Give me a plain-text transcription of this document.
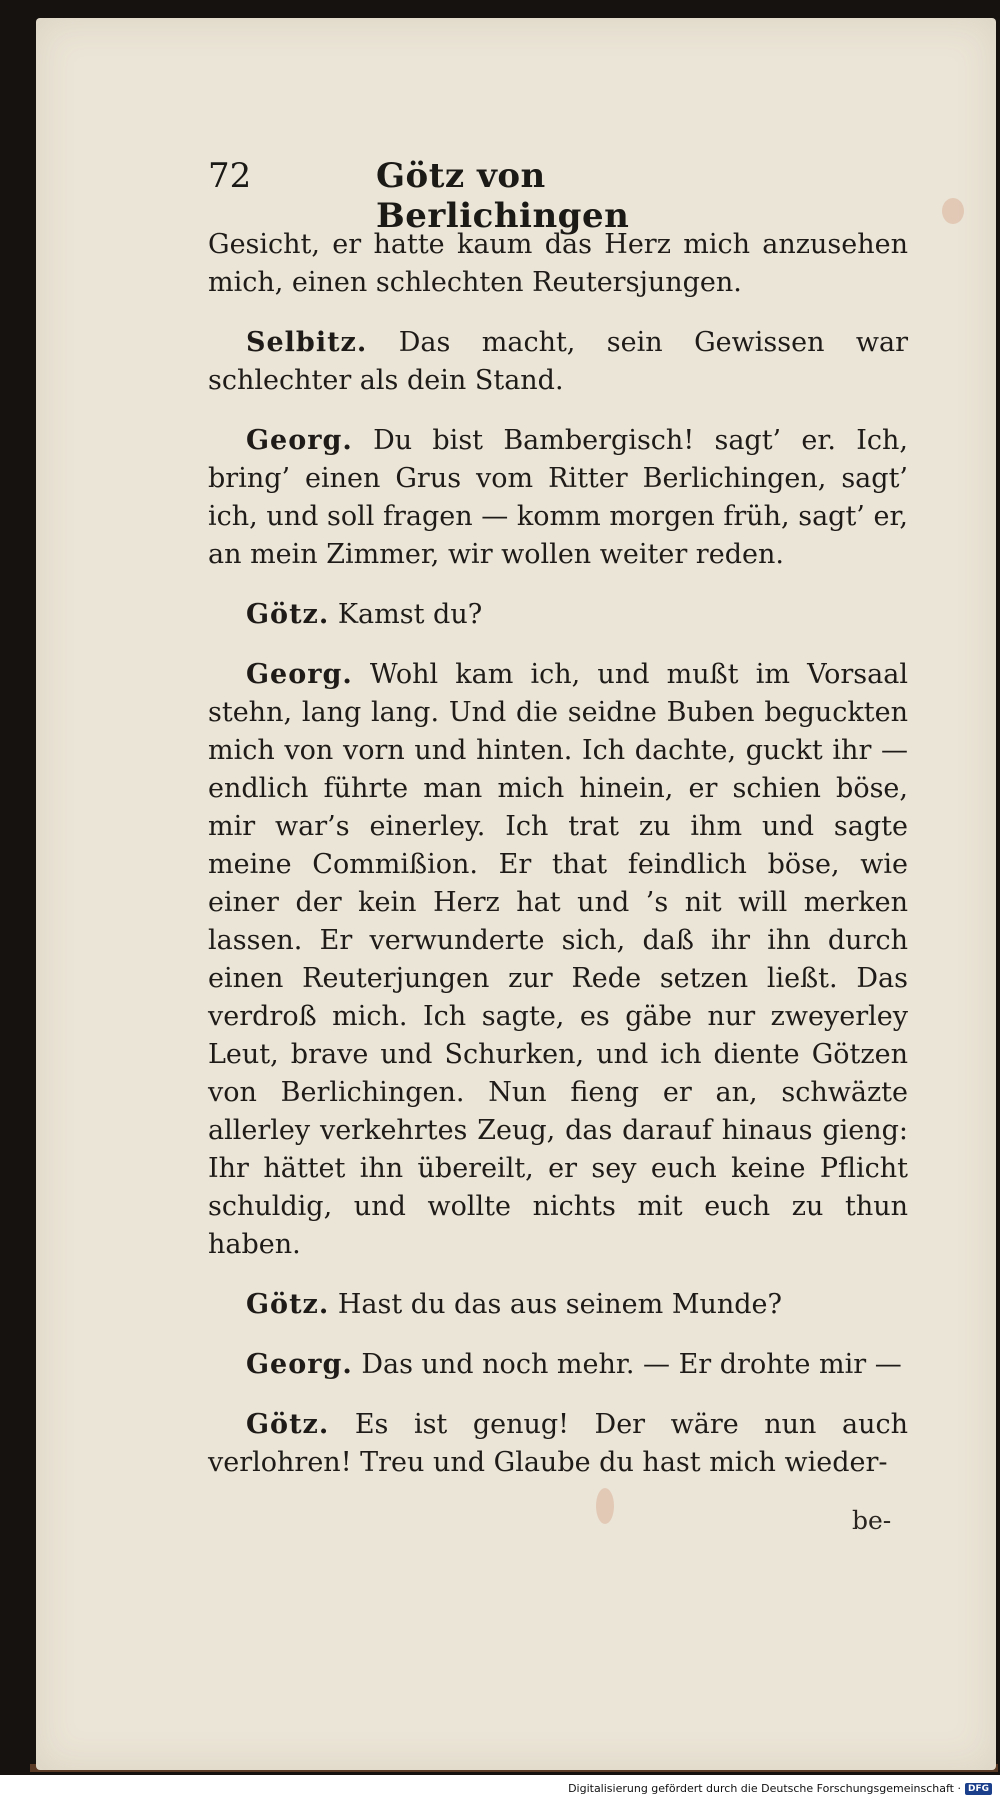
72	Götz von Berlichingen

Gesicht, er hatte kaum das Herz mich anzusehen mich, einen schlechten Reutersjungen.

Selbitz. Das macht, sein Gewissen war schlechter als dein Stand.

Georg. Du bist Bambergisch! sagt’ er. Ich, bring’ einen Grus vom Ritter Berlichingen, sagt’ ich, und soll fragen — komm morgen früh, sagt’ er, an mein Zimmer, wir wollen weiter reden.

Götz. Kamst du?

Georg. Wohl kam ich, und mußt im Vorsaal stehn, lang lang. Und die seidne Buben beguckten mich von vorn und hinten. Ich dachte, guckt ihr — endlich führte man mich hinein, er schien böse, mir war’s einerley. Ich trat zu ihm und sagte meine Commißion. Er that feindlich böse, wie einer der kein Herz hat und ’s nit will merken lassen. Er verwunderte sich, daß ihr ihn durch einen Reuterjungen zur Rede setzen ließt. Das verdroß mich. Ich sagte, es gäbe nur zweyerley Leut, brave und Schurken, und ich diente Götzen von Berlichingen. Nun fieng er an, schwäzte allerley verkehrtes Zeug, das darauf hinaus gieng: Ihr hättet ihn übereilt, er sey euch keine Pflicht schuldig, und wollte nichts mit euch zu thun haben.

Götz. Hast du das aus seinem Munde?

Georg. Das und noch mehr. — Er drohte mir —

Götz. Es ist genug! Der wäre nun auch verlohren! Treu und Glaube du hast mich wieder-

be-
Digitalisierung gefördert durch die Deutsche Forschungsgemeinschaft · DFG
